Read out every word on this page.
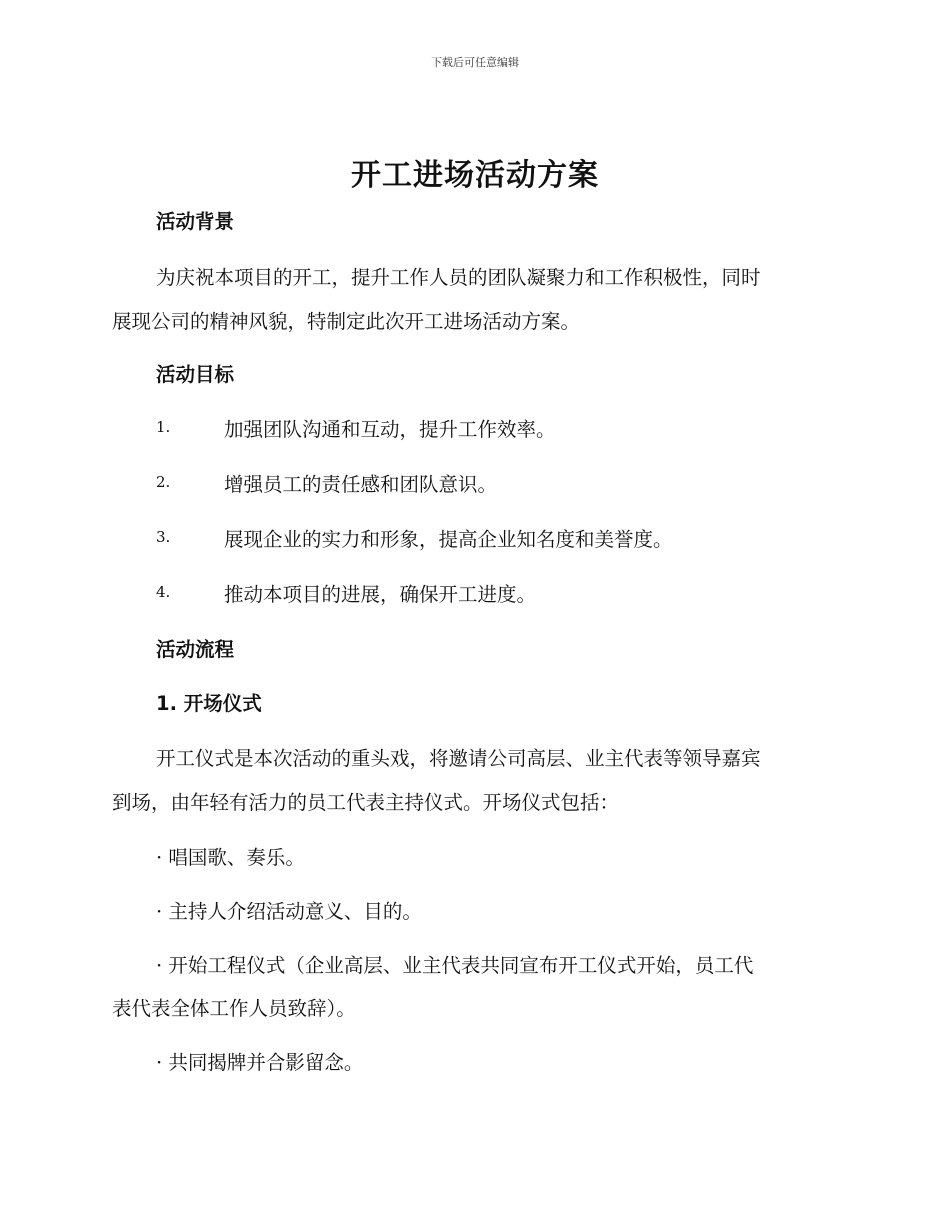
下载后可任意编辑
开工进场活动方案
活动背景
为庆祝本项目的开工，提升工作人员的团队凝聚力和工作积极性，同时
展现公司的精神风貌，特制定此次开工进场活动方案。
活动目标
1.	加强团队沟通和互动，提升工作效率。
2.	增强员工的责任感和团队意识。
3.	展现企业的实力和形象，提高企业知名度和美誉度。
4.	推动本项目的进展，确保开工进度。
活动流程
1. 开场仪式
开工仪式是本次活动的重头戏，将邀请公司高层、业主代表等领导嘉宾
到场，由年轻有活力的员工代表主持仪式。开场仪式包括：
· 唱国歌、奏乐。
· 主持人介绍活动意义、目的。
· 开始工程仪式（企业高层、业主代表共同宣布开工仪式开始，员工代
表代表全体工作人员致辞）。
· 共同揭牌并合影留念。
